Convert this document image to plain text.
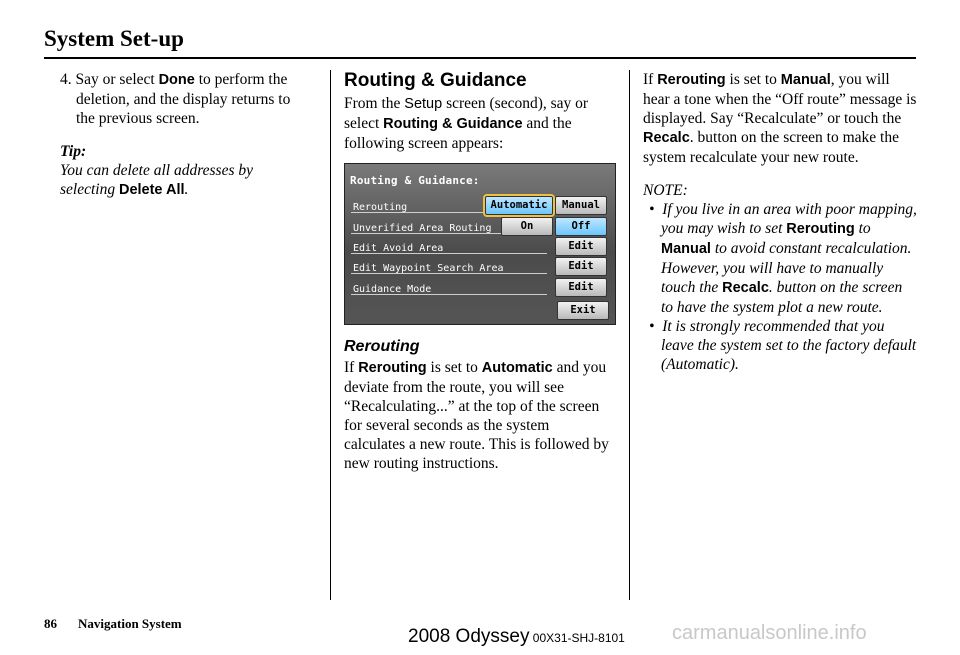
System Set-up

4. Say or select Done to perform the deletion, and the display returns to the previous screen.

Tip:

You can delete all addresses by selecting Delete All.

Routing & Guidance

From the Setup screen (second), say or select Routing & Guidance and the following screen appears:

Routing & Guidance:
Rerouting
Unverified Area Routing
Edit Avoid Area
Edit Waypoint Search Area
Guidance Mode
Automatic	Manual
On	Off
Edit
Edit
Edit
Exit
Rerouting

If Rerouting is set to Automatic and you deviate from the route, you will see “Recalculating...” at the top of the screen for several seconds as the system calculates a new route. This is followed by new routing instructions.

If Rerouting is set to Manual, you will hear a tone when the “Off route” message is displayed. Say “Recalculate” or touch the Recalc. button on the screen to make the system recalculate your new route.

NOTE:

•  If you live in an area with poor mapping, you may wish to set Rerouting to Manual to avoid constant recalculation. However, you will have to manually touch the Recalc. button on the screen to have the system plot a new route.

•  It is strongly recommended that you leave the system set to the factory default (Automatic).

86 Navigation System
2008 Odyssey 00X31-SHJ-8101 carmanualsonline.info
